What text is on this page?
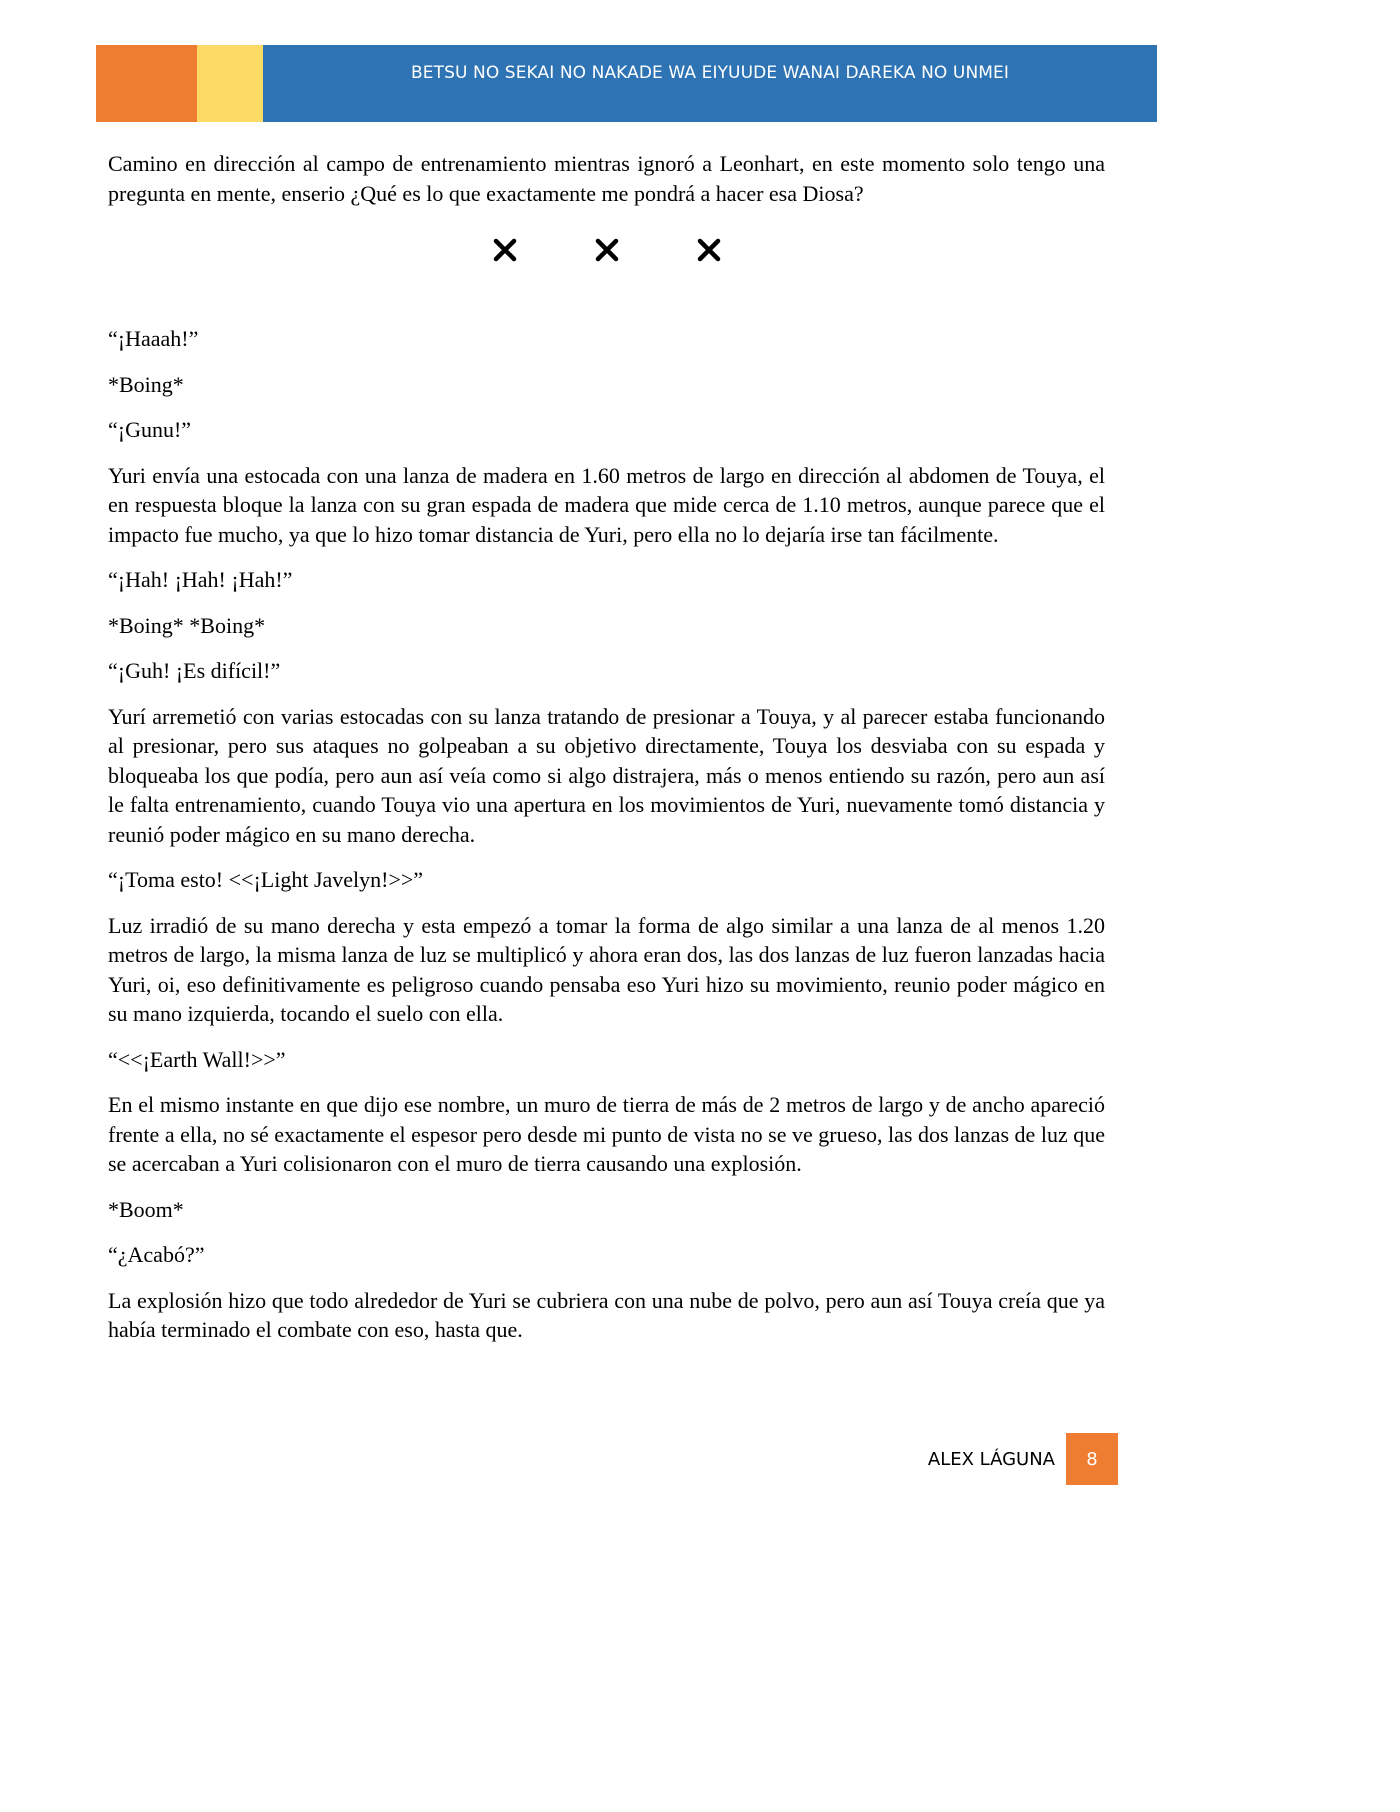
BETSU NO SEKAI NO NAKADE WA EIYUUDE WANAI DAREKA NO UNMEI

Camino en dirección al campo de entrenamiento mientras ignoró a Leonhart, en este momento solo tengo una pregunta en mente, enserio ¿Qué es lo que exactamente me pondrá a hacer esa Diosa?

“¡Haaah!”

*Boing*

“¡Gunu!”

Yuri envía una estocada con una lanza de madera en 1.60 metros de largo en dirección al abdomen de Touya, el en respuesta bloque la lanza con su gran espada de madera que mide cerca de 1.10 metros, aunque parece que el impacto fue mucho, ya que lo hizo tomar distancia de Yuri, pero ella no lo dejaría irse tan fácilmente.

“¡Hah! ¡Hah! ¡Hah!”

*Boing* *Boing*

“¡Guh! ¡Es difícil!”

Yurí arremetió con varias estocadas con su lanza tratando de presionar a Touya, y al parecer estaba funcionando al presionar, pero sus ataques no golpeaban a su objetivo directamente, Touya los desviaba con su espada y bloqueaba los que podía, pero aun así veía como si algo distrajera, más o menos entiendo su razón, pero aun así le falta entrenamiento, cuando Touya vio una apertura en los movimientos de Yuri, nuevamente tomó distancia y reunió poder mágico en su mano derecha.

“¡Toma esto! <<¡Light Javelyn!>>”

Luz irradió de su mano derecha y esta empezó a tomar la forma de algo similar a una lanza de al menos 1.20 metros de largo, la misma lanza de luz se multiplicó y ahora eran dos, las dos lanzas de luz fueron lanzadas hacia Yuri, oi, eso definitivamente es peligroso cuando pensaba eso Yuri hizo su movimiento, reunio poder mágico en su mano izquierda, tocando el suelo con ella.

“<<¡Earth Wall!>>”

En el mismo instante en que dijo ese nombre, un muro de tierra de más de 2 metros de largo y de ancho apareció frente a ella, no sé exactamente el espesor pero desde mi punto de vista no se ve grueso, las dos lanzas de luz que se acercaban a Yuri colisionaron con el muro de tierra causando una explosión.

*Boom*

“¿Acabó?”

La explosión hizo que todo alrededor de Yuri se cubriera con una nube de polvo, pero aun así Touya creía que ya había terminado el combate con eso, hasta que.

ALEX LÁGUNA	8
